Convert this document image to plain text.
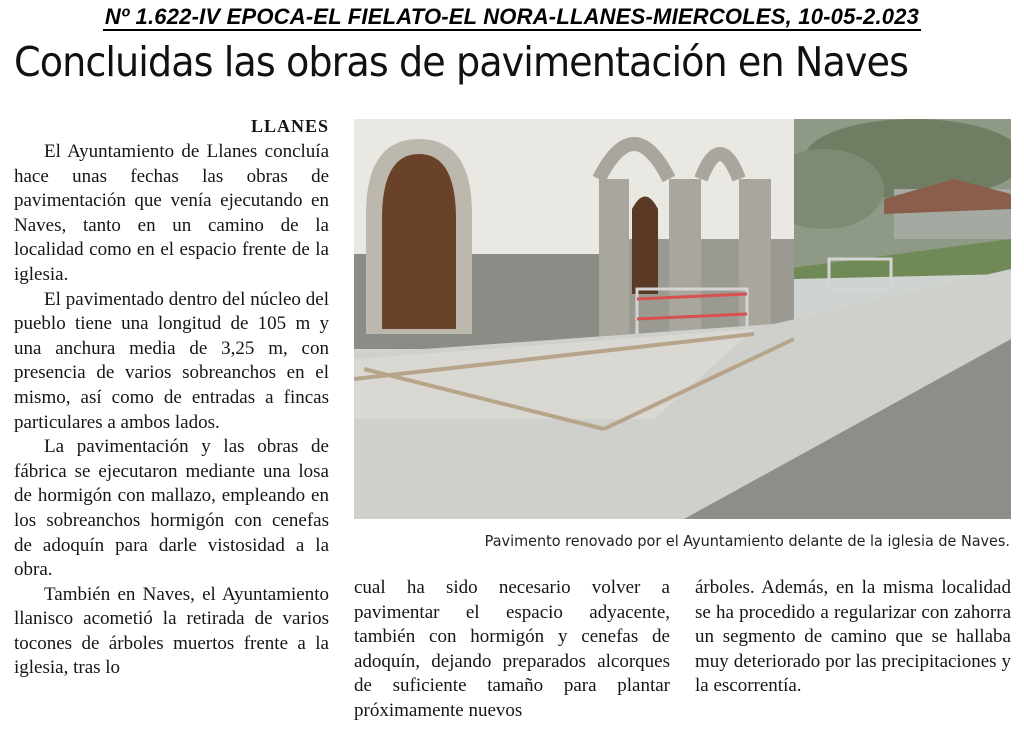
Nº 1.622-IV EPOCA-EL FIELATO-EL NORA-LLANES-MIERCOLES, 10-05-2.023
Concluidas las obras de pavimentación en Naves
LLANES

El Ayuntamiento de Llanes concluía hace unas fechas las obras de pavimentación que venía ejecutando en Naves, tanto en un camino de la localidad como en el espacio frente de la iglesia.

El pavimentado dentro del núcleo del pueblo tiene una longitud de 105 m y una anchura media de 3,25 m, con presencia de varios sobreanchos en el mismo, así como de entradas a fincas particulares a ambos lados.

La pavimentación y las obras de fábrica se ejecutaron mediante una losa de hormigón con mallazo, empleando en los sobreanchos hormigón con cenefas de adoquín para darle vistosidad a la obra.

También en Naves, el Ayuntamiento llanisco acometió la retirada de varios tocones de árboles muertos frente a la iglesia, tras lo

Pavimento renovado por el Ayuntamiento delante de la iglesia de Naves.

cual ha sido necesario volver a pavimentar el espacio adyacente, también con hormigón y cenefas de adoquín, dejando preparados alcorques de suficiente tamaño para plantar próximamente nuevos

árboles. Además, en la misma localidad se ha procedido a regularizar con zahorra un segmento de camino que se hallaba muy deteriorado por las precipitaciones y la escorrentía.
